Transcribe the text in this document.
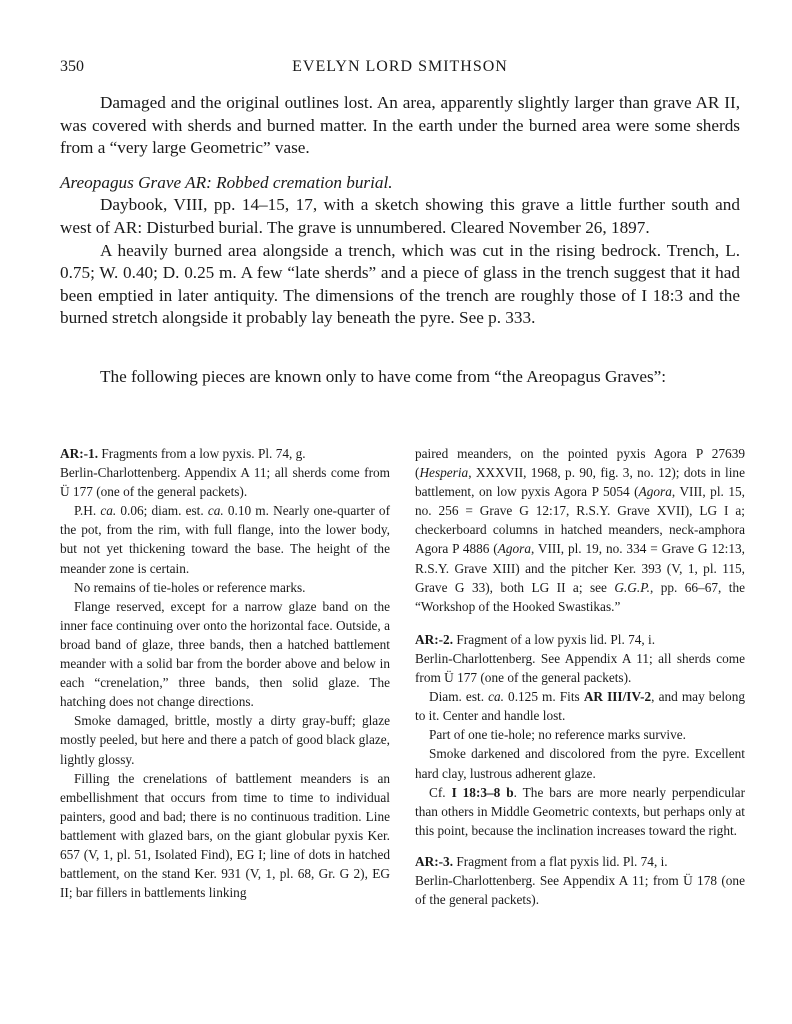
350	EVELYN LORD SMITHSON

Damaged and the original outlines lost. An area, apparently slightly larger than grave AR II, was covered with sherds and burned matter. In the earth under the burned area were some sherds from a “very large Geometric” vase.

Areopagus Grave AR: Robbed cremation burial.

Daybook, VIII, pp. 14–15, 17, with a sketch showing this grave a little further south and west of AR: Disturbed burial. The grave is unnumbered. Cleared November 26, 1897.

A heavily burned area alongside a trench, which was cut in the rising bedrock. Trench, L. 0.75; W. 0.40; D. 0.25 m. A few “late sherds” and a piece of glass in the trench suggest that it had been emptied in later antiquity. The dimensions of the trench are roughly those of I 18:3 and the burned stretch alongside it probably lay beneath the pyre. See p. 333.

The following pieces are known only to have come from “the Areopagus Graves”:

AR:-1. Fragments from a low pyxis. Pl. 74, g.

Berlin-Charlottenberg. Appendix A 11; all sherds come from Ü 177 (one of the general packets).

P.H. ca. 0.06; diam. est. ca. 0.10 m. Nearly one-quarter of the pot, from the rim, with full flange, into the lower body, but not yet thickening toward the base. The height of the meander zone is certain.

No remains of tie-holes or reference marks.

Flange reserved, except for a narrow glaze band on the inner face continuing over onto the horizontal face. Outside, a broad band of glaze, three bands, then a hatched battlement meander with a solid bar from the border above and below in each “crenelation,” three bands, then solid glaze. The hatching does not change directions.

Smoke damaged, brittle, mostly a dirty gray-buff; glaze mostly peeled, but here and there a patch of good black glaze, lightly glossy.

Filling the crenelations of battlement meanders is an embellishment that occurs from time to time to individual painters, good and bad; there is no continuous tradition. Line battlement with glazed bars, on the giant globular pyxis Ker. 657 (V, 1, pl. 51, Isolated Find), EG I; line of dots in hatched battlement, on the stand Ker. 931 (V, 1, pl. 68, Gr. G 2), EG II; bar fillers in battlements linking

paired meanders, on the pointed pyxis Agora P 27639 (Hesperia, XXXVII, 1968, p. 90, fig. 3, no. 12); dots in line battlement, on low pyxis Agora P 5054 (Agora, VIII, pl. 15, no. 256 = Grave G 12:17, R.S.Y. Grave XVII), LG I a; checkerboard columns in hatched meanders, neck-amphora Agora P 4886 (Agora, VIII, pl. 19, no. 334 = Grave G 12:13, R.S.Y. Grave XIII) and the pitcher Ker. 393 (V, 1, pl. 115, Grave G 33), both LG II a; see G.G.P., pp. 66–67, the “Workshop of the Hooked Swastikas.”

AR:-2. Fragment of a low pyxis lid. Pl. 74, i.

Berlin-Charlottenberg. See Appendix A 11; all sherds come from Ü 177 (one of the general packets).

Diam. est. ca. 0.125 m. Fits AR III/IV-2, and may belong to it. Center and handle lost.

Part of one tie-hole; no reference marks survive.

Smoke darkened and discolored from the pyre. Excellent hard clay, lustrous adherent glaze.

Cf. I 18:3–8 b. The bars are more nearly perpendicular than others in Middle Geometric contexts, but perhaps only at this point, because the inclination increases toward the right.

AR:-3. Fragment from a flat pyxis lid. Pl. 74, i.

Berlin-Charlottenberg. See Appendix A 11; from Ü 178 (one of the general packets).
